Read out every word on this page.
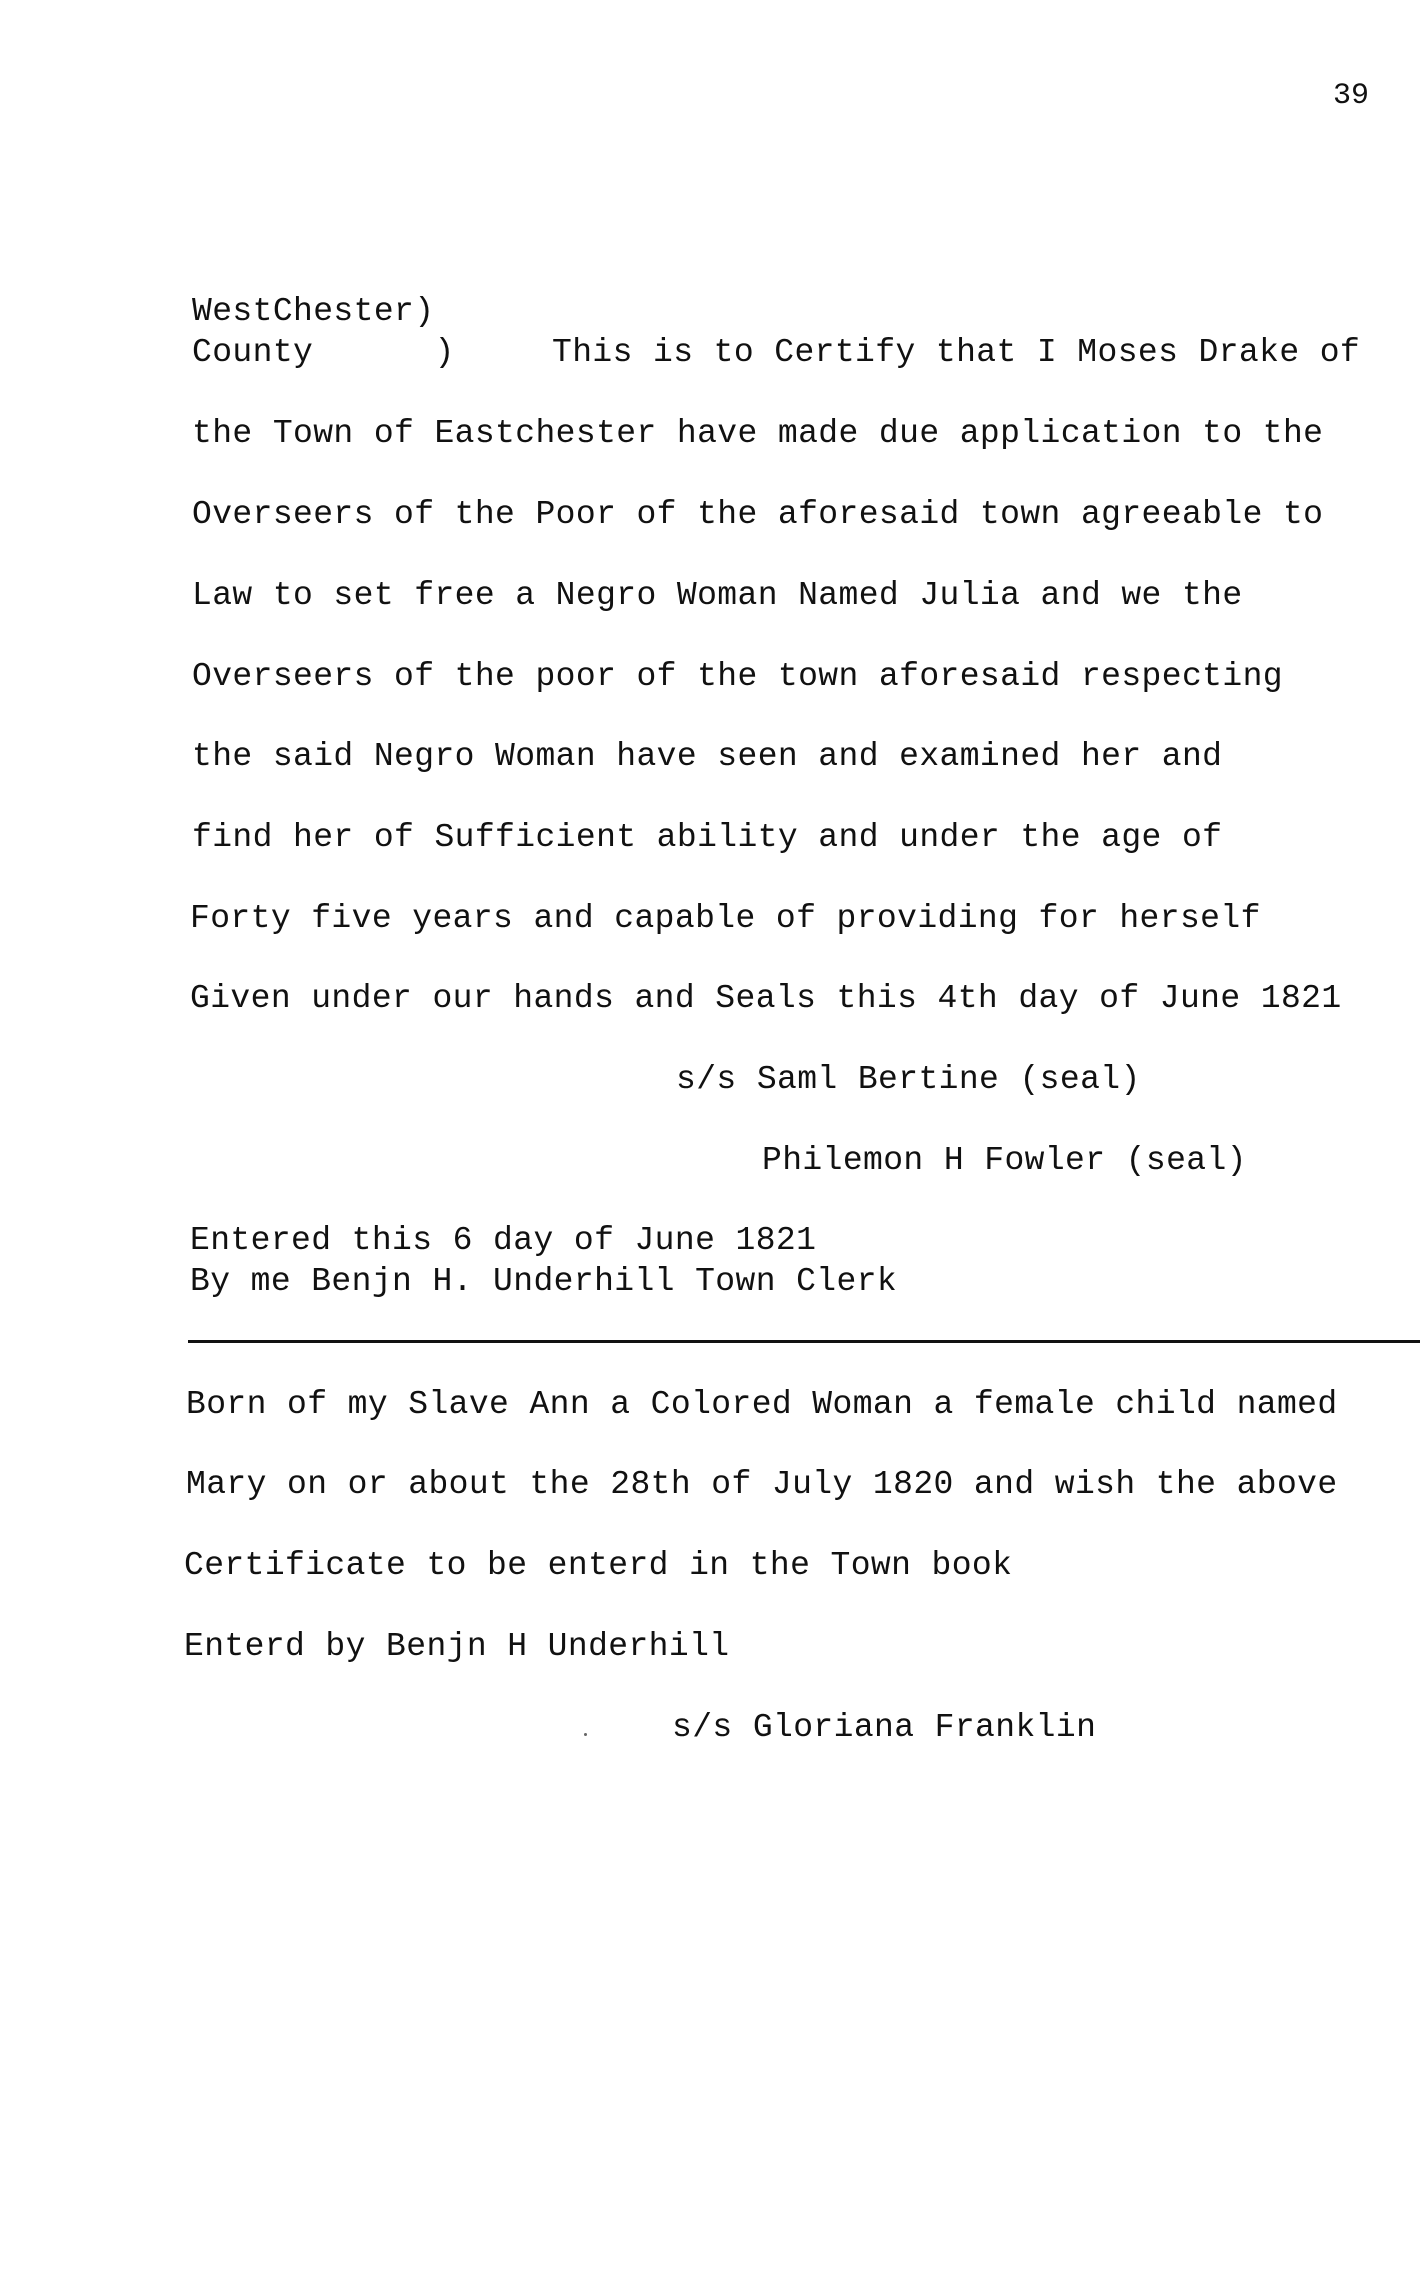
39
WestChester)
County      )	This is to Certify that I Moses Drake of
the Town of Eastchester have made due application to the
Overseers of the Poor of the aforesaid town agreeable to
Law to set free a Negro Woman Named Julia and we the
Overseers of the poor of the town aforesaid respecting
the said Negro Woman have seen and examined her and
find her of Sufficient ability and under the age of
Forty five years and capable of providing for herself
Given under our hands and Seals this 4th day of June 1821
s/s Saml Bertine (seal)
Philemon H Fowler (seal)
Entered this 6 day of June 1821
By me Benjn H. Underhill Town Clerk
Born of my Slave Ann a Colored Woman a female child named
Mary on or about the 28th of July 1820 and wish the above
Certificate to be enterd in the Town book
Enterd by Benjn H Underhill
s/s Gloriana Franklin
